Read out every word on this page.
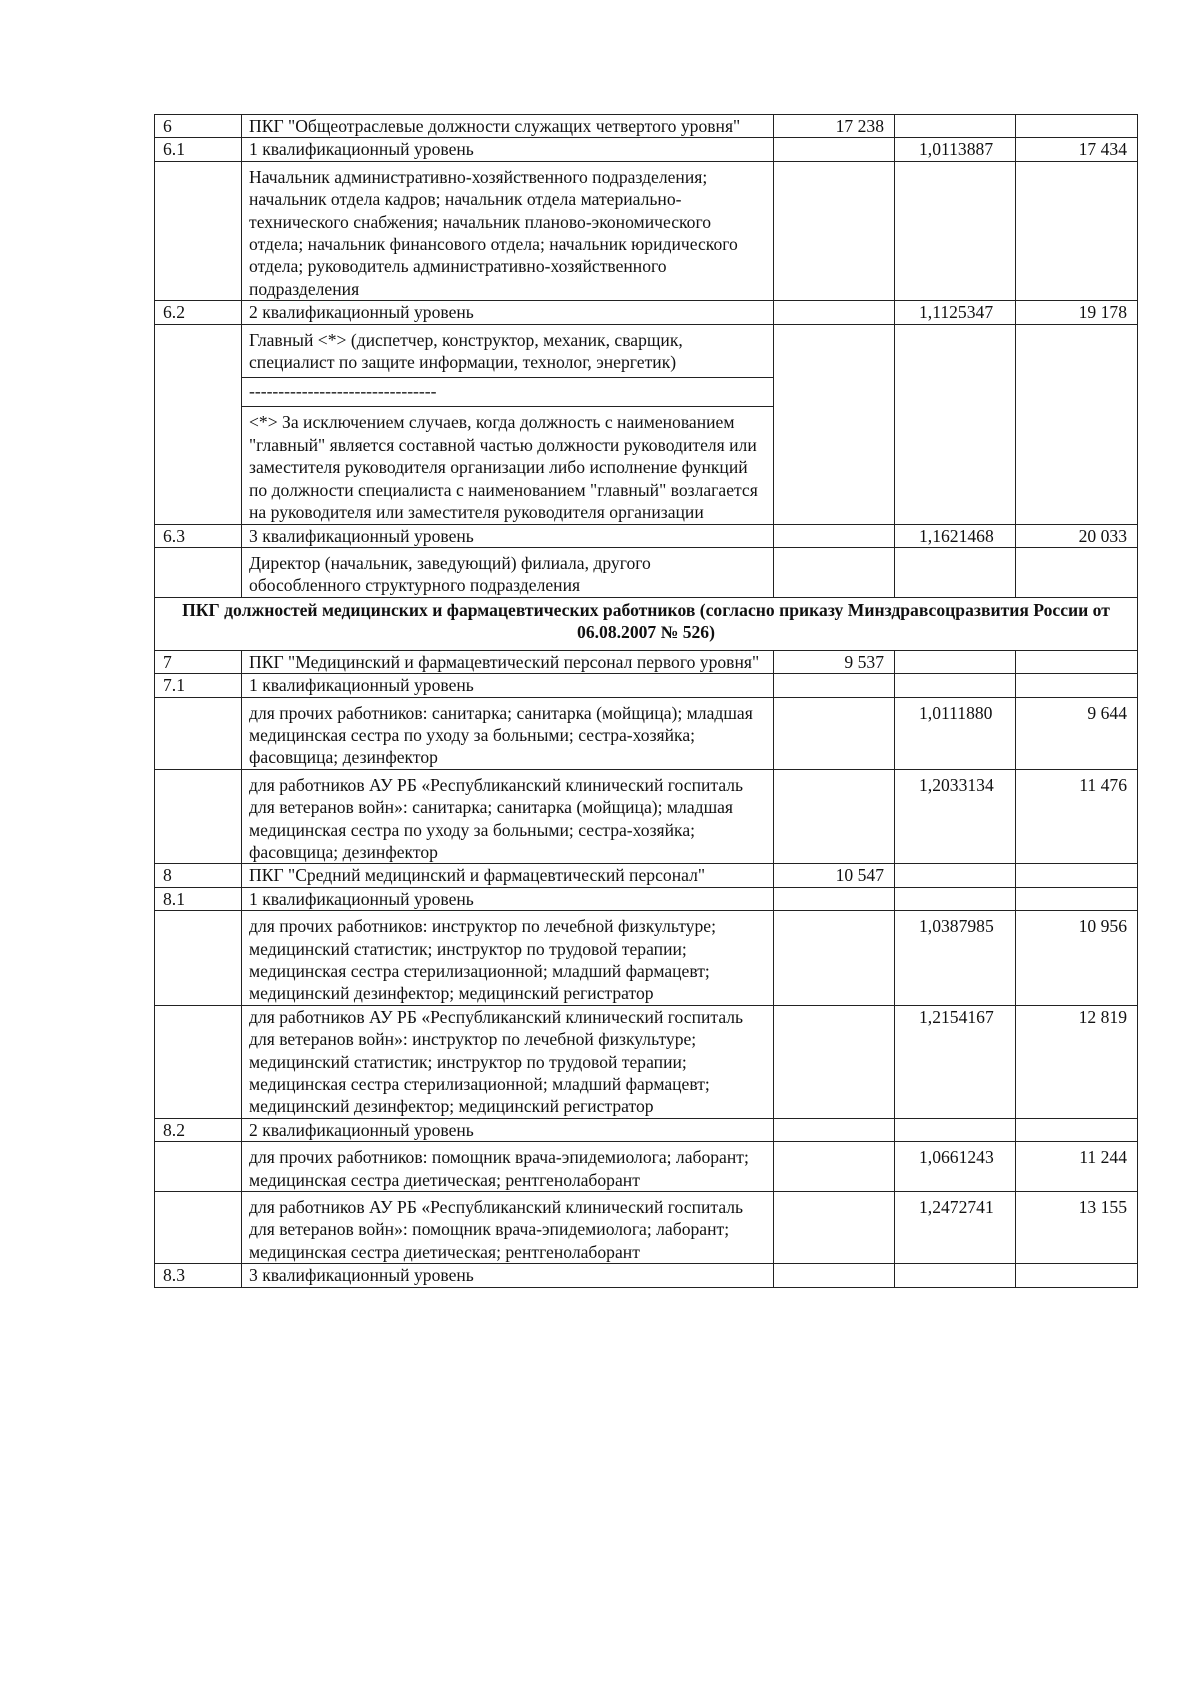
6	ПКГ "Общеотраслевые должности служащих четвертого уровня"	17 238		
6.1	1 квалификационный уровень		1,0113887	17 434
	Начальник административно-хозяйственного подразделения; начальник отдела кадров; начальник отдела материально-технического снабжения; начальник планово-экономического отдела; начальник финансового отдела; начальник юридического отдела; руководитель административно-хозяйственного подразделения			
6.2	2 квалификационный уровень		1,1125347	19 178
	Главный <*> (диспетчер, конструктор, механик, сварщик, специалист по защите информации, технолог, энергетик)
--------------------------------
<*> За исключением случаев, когда должность с наименованием "главный" является составной частью должности руководителя или заместителя руководителя организации либо исполнение функций по должности специалиста с наименованием "главный" возлагается на руководителя или заместителя руководителя организации			

6.3	3 квалификационный уровень		1,1621468	20 033
	Директор (начальник, заведующий) филиала, другого обособленного структурного подразделения			
ПКГ должностей медицинских и фармацевтических работников (согласно приказу Минздравсоцразвития России от 06.08.2007 № 526)				
7	ПКГ "Медицинский и фармацевтический персонал первого уровня"	9 537		
7.1	1 квалификационный уровень			
	для прочих работников: санитарка; санитарка (мойщица); младшая медицинская сестра по уходу за больными; сестра-хозяйка; фасовщица; дезинфектор		1,0111880	9 644
	для работников АУ РБ «Республиканский клинический госпиталь для ветеранов войн»: санитарка; санитарка (мойщица); младшая медицинская сестра по уходу за больными; сестра-хозяйка; фасовщица; дезинфектор		1,2033134	11 476
8	ПКГ "Средний медицинский и фармацевтический персонал"	10 547		
8.1	1 квалификационный уровень			
	для прочих работников: инструктор по лечебной физкультуре; медицинский статистик; инструктор по трудовой терапии; медицинская сестра стерилизационной; младший фармацевт; медицинский дезинфектор; медицинский регистратор		1,0387985	10 956
	для работников АУ РБ «Республиканский клинический госпиталь для ветеранов войн»: инструктор по лечебной физкультуре; медицинский статистик; инструктор по трудовой терапии; медицинская сестра стерилизационной; младший фармацевт; медицинский дезинфектор; медицинский регистратор		1,2154167	12 819
8.2	2 квалификационный уровень			
	для прочих работников: помощник врача-эпидемиолога; лаборант; медицинская сестра диетическая; рентгенолаборант		1,0661243	11 244
	для работников АУ РБ «Республиканский клинический госпиталь для ветеранов войн»: помощник врача-эпидемиолога; лаборант; медицинская сестра диетическая; рентгенолаборант		1,2472741	13 155
8.3	3 квалификационный уровень			
